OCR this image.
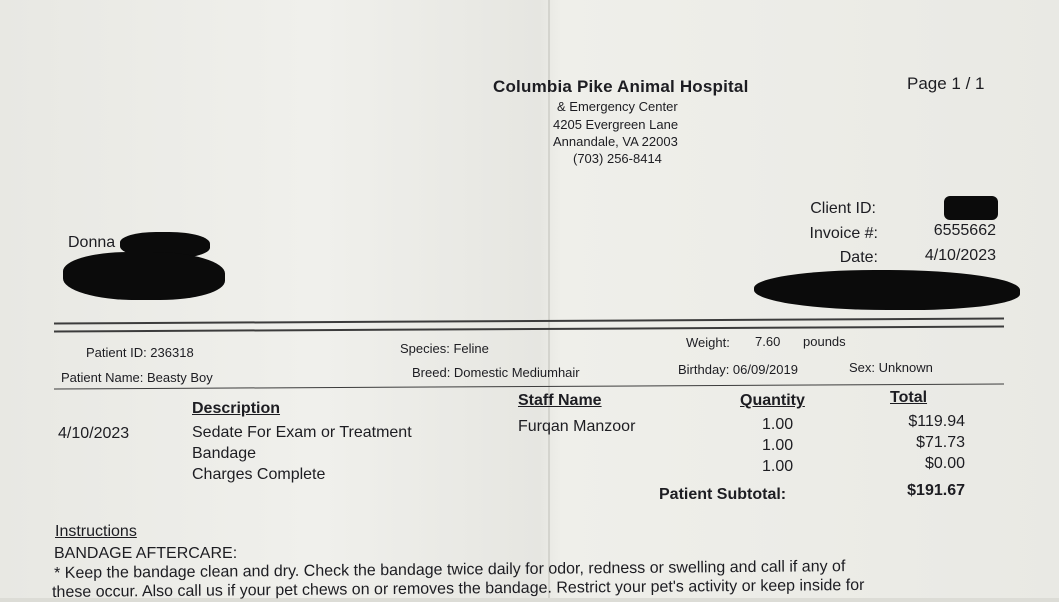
Columbia Pike Animal Hospital
& Emergency Center
4205 Evergreen Lane
Annandale, VA 22003
(703) 256-8414
Page 1 / 1
Donna
Client ID:
Invoice #:	6555662
Date:	4/10/2023
Patient ID: 236318	Species: Feline	Weight: 7.60 pounds
Patient Name: Beasty Boy	Breed: Domestic Mediumhair	Birthday: 06/09/2019	Sex: Unknown
Description	Staff Name	Quantity	Total
4/10/2023	Sedate For Exam or Treatment	Furqan Manzoor	1.00	$119.94
Bandage	1.00	$71.73
Charges Complete	1.00	$0.00
Patient Subtotal:	$191.67
Instructions
BANDAGE AFTERCARE:
* Keep the bandage clean and dry. Check the bandage twice daily for odor, redness or swelling and call if any of
these occur. Also call us if your pet chews on or removes the bandage. Restrict your pet's activity or keep inside for
